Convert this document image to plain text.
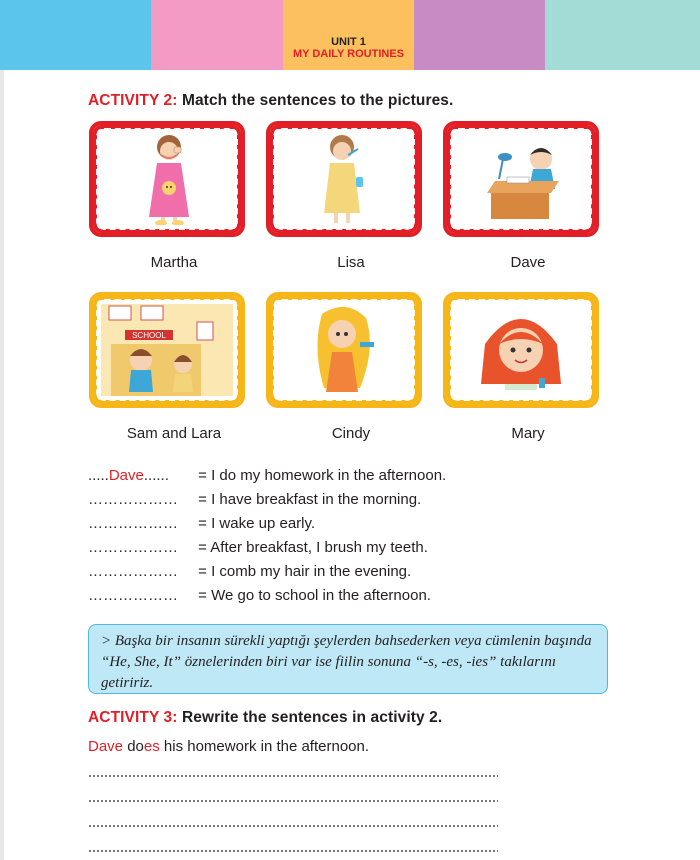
UNIT 1
MY DAILY ROUTINES
ACTIVITY 2: Match the sentences to the pictures.
Martha	Lisa	Dave
SCHOOL
Sam and Lara	Cindy	Mary
.....Dave...... = I do my homework in the afternoon.
……………… = I have breakfast in the morning.
……………… = I wake up early.
……………… = After breakfast, I brush my teeth.
……………… = I comb my hair in the evening.
……………… = We go to school in the afternoon.
> Başka bir insanın sürekli yaptığı şeylerden bahsederken veya cümlenin başında “He, She, It” öznelerinden biri var ise fiilin sonuna “-s, -es, -ies” takılarını getiririz.
ACTIVITY 3: Rewrite the sentences in activity 2.
Dave does his homework in the afternoon.
